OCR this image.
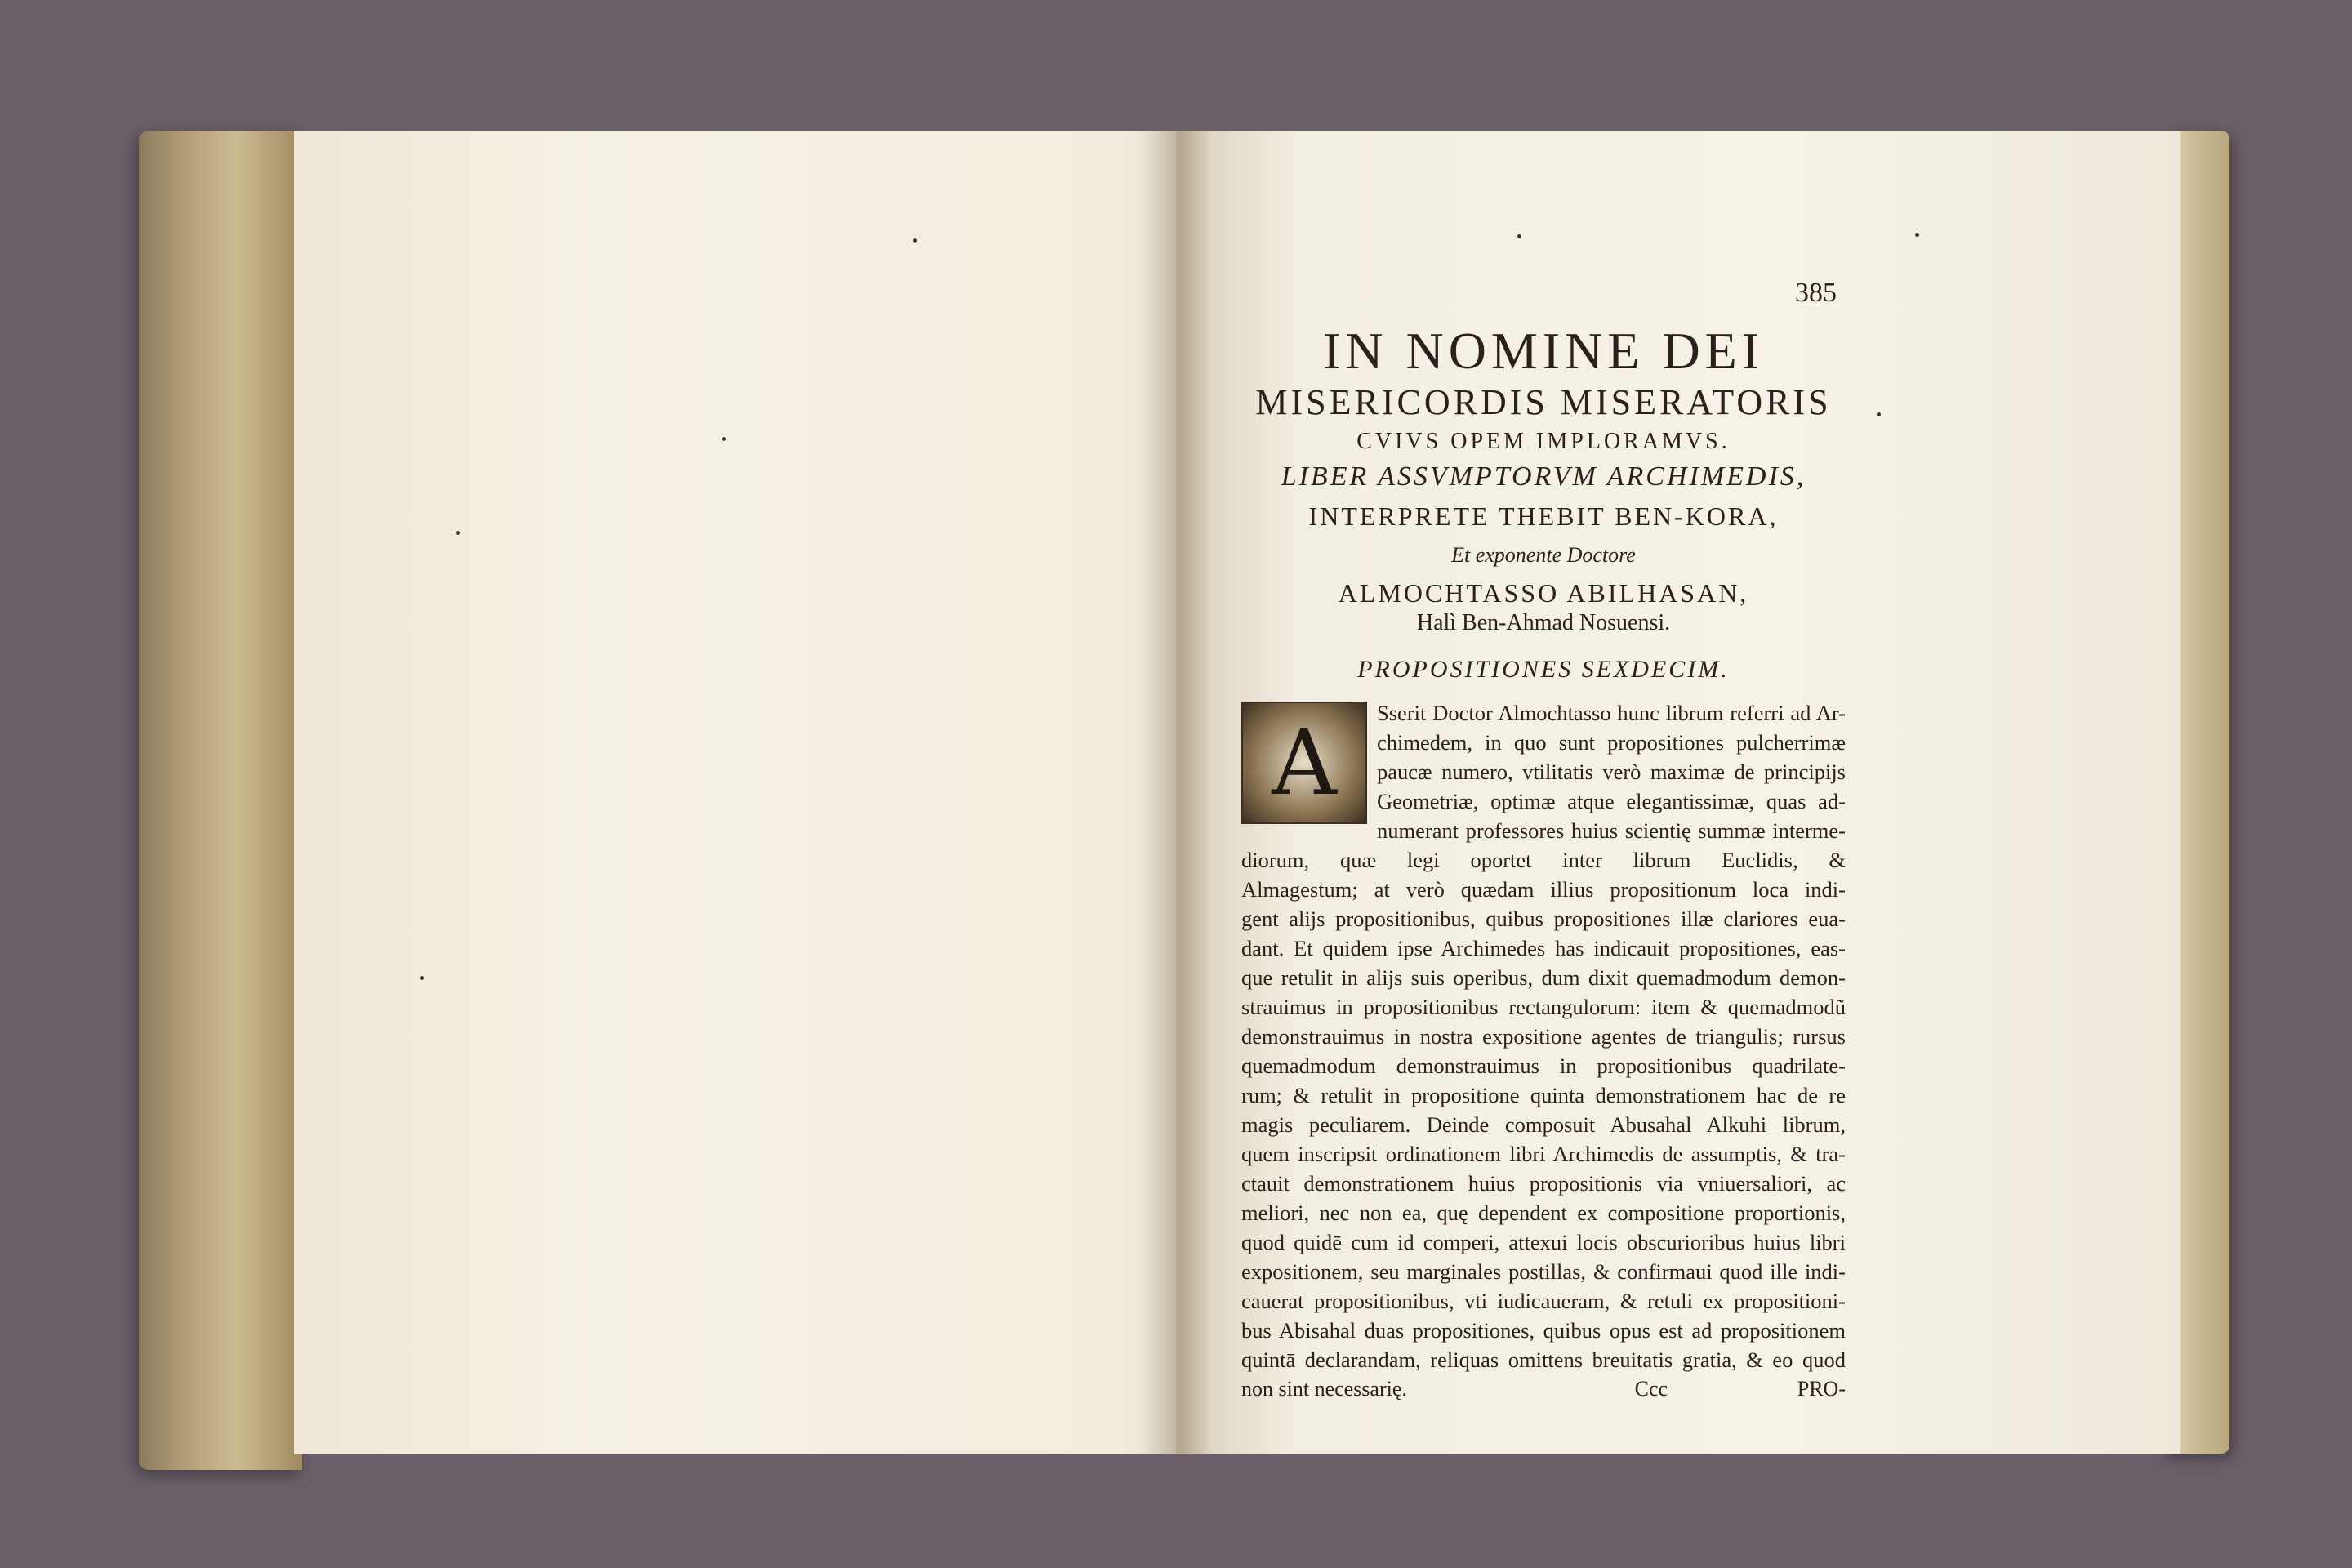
385
IN NOMINE DEI
MISERICORDIS MISERATORIS
CVIVS OPEM IMPLORAMVS.
LIBER ASSVMPTORVM ARCHIMEDIS,
INTERPRETE THEBIT BEN-KORA,
Et exponente Doctore
ALMOCHTASSO ABILHASAN,
Halì Ben-Ahmad Nosuensi.
PROPOSITIONES SEXDECIM.
A	Sserit Doctor Almochtasso hunc librum referri ad Ar-
chimedem, in quo sunt propositiones pulcherrimæ
paucæ numero, vtilitatis verò maximæ de principijs
Geometriæ, optimæ atque elegantissimæ, quas ad-
numerant professores huius scientię summæ interme-
diorum, quæ legi oportet inter librum Euclidis, &
Almagestum; at verò quædam illius propositionum loca indi-
gent alijs propositionibus, quibus propositiones illæ clariores eua-
dant. Et quidem ipse Archimedes has indicauit propositiones, eas-
que retulit in alijs suis operibus, dum dixit quemadmodum demon-
strauimus in propositionibus rectangulorum: item & quemadmodũ
demonstrauimus in nostra expositione agentes de triangulis; rursus
quemadmodum demonstrauimus in propositionibus quadrilate-
rum; & retulit in propositione quinta demonstrationem hac de re
magis peculiarem. Deinde composuit Abusahal Alkuhi librum,
quem inscripsit ordinationem libri Archimedis de assumptis, & tra-
ctauit demonstrationem huius propositionis via vniuersaliori, ac
meliori, nec non ea, quę dependent ex compositione proportionis,
quod quidē cum id comperi, attexui locis obscurioribus huius libri
expositionem, seu marginales postillas, & confirmaui quod ille indi-
cauerat propositionibus, vti iudicaueram, & retuli ex propositioni-
bus Abisahal duas propositiones, quibus opus est ad propositionem
quintā declarandam, reliquas omittens breuitatis gratia, & eo quod
non sint necessarię.	Ccc	PRO-
